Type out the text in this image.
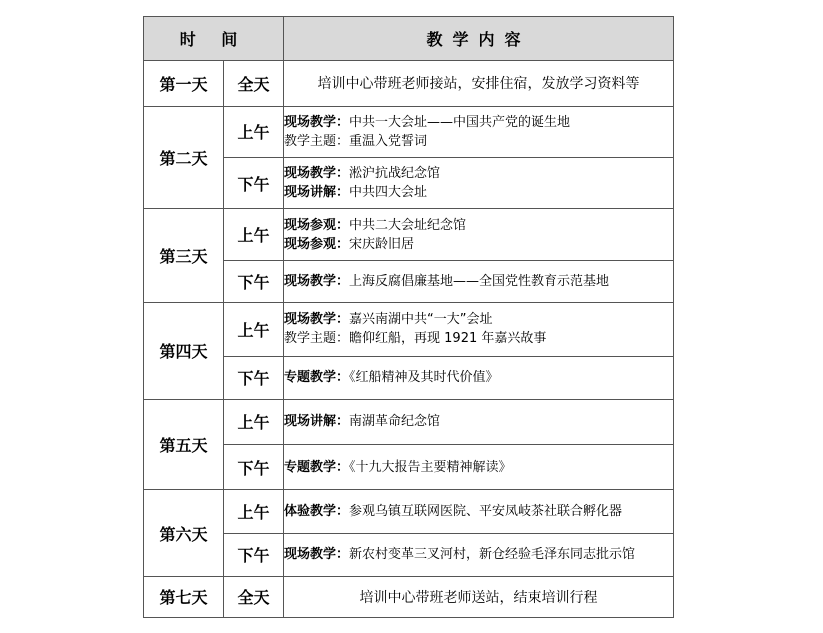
时 间		教学内容
第一天	全天	培训中心带班老师接站，安排住宿，发放学习资料等
第二天	上午	现场教学：中共一大会址——中国共产党的诞生地
教学主题：重温入党誓词

	下午	现场教学：淞沪抗战纪念馆
现场讲解：中共四大会址

第三天	上午	现场参观：中共二大会址纪念馆
现场参观：宋庆龄旧居

	下午	现场教学：上海反腐倡廉基地——全国党性教育示范基地

第四天	上午	现场教学：嘉兴南湖中共“一大”会址
教学主题：瞻仰红船，再现 1921 年嘉兴故事

	下午	专题教学：《红船精神及其时代价值》

第五天	上午	现场讲解：南湖革命纪念馆

	下午	专题教学：《十九大报告主要精神解读》

第六天	上午	体验教学：参观乌镇互联网医院、平安凤岐茶社联合孵化器

	下午	现场教学：新农村变革三叉河村，新仓经验毛泽东同志批示馆

第七天	全天	培训中心带班老师送站，结束培训行程
